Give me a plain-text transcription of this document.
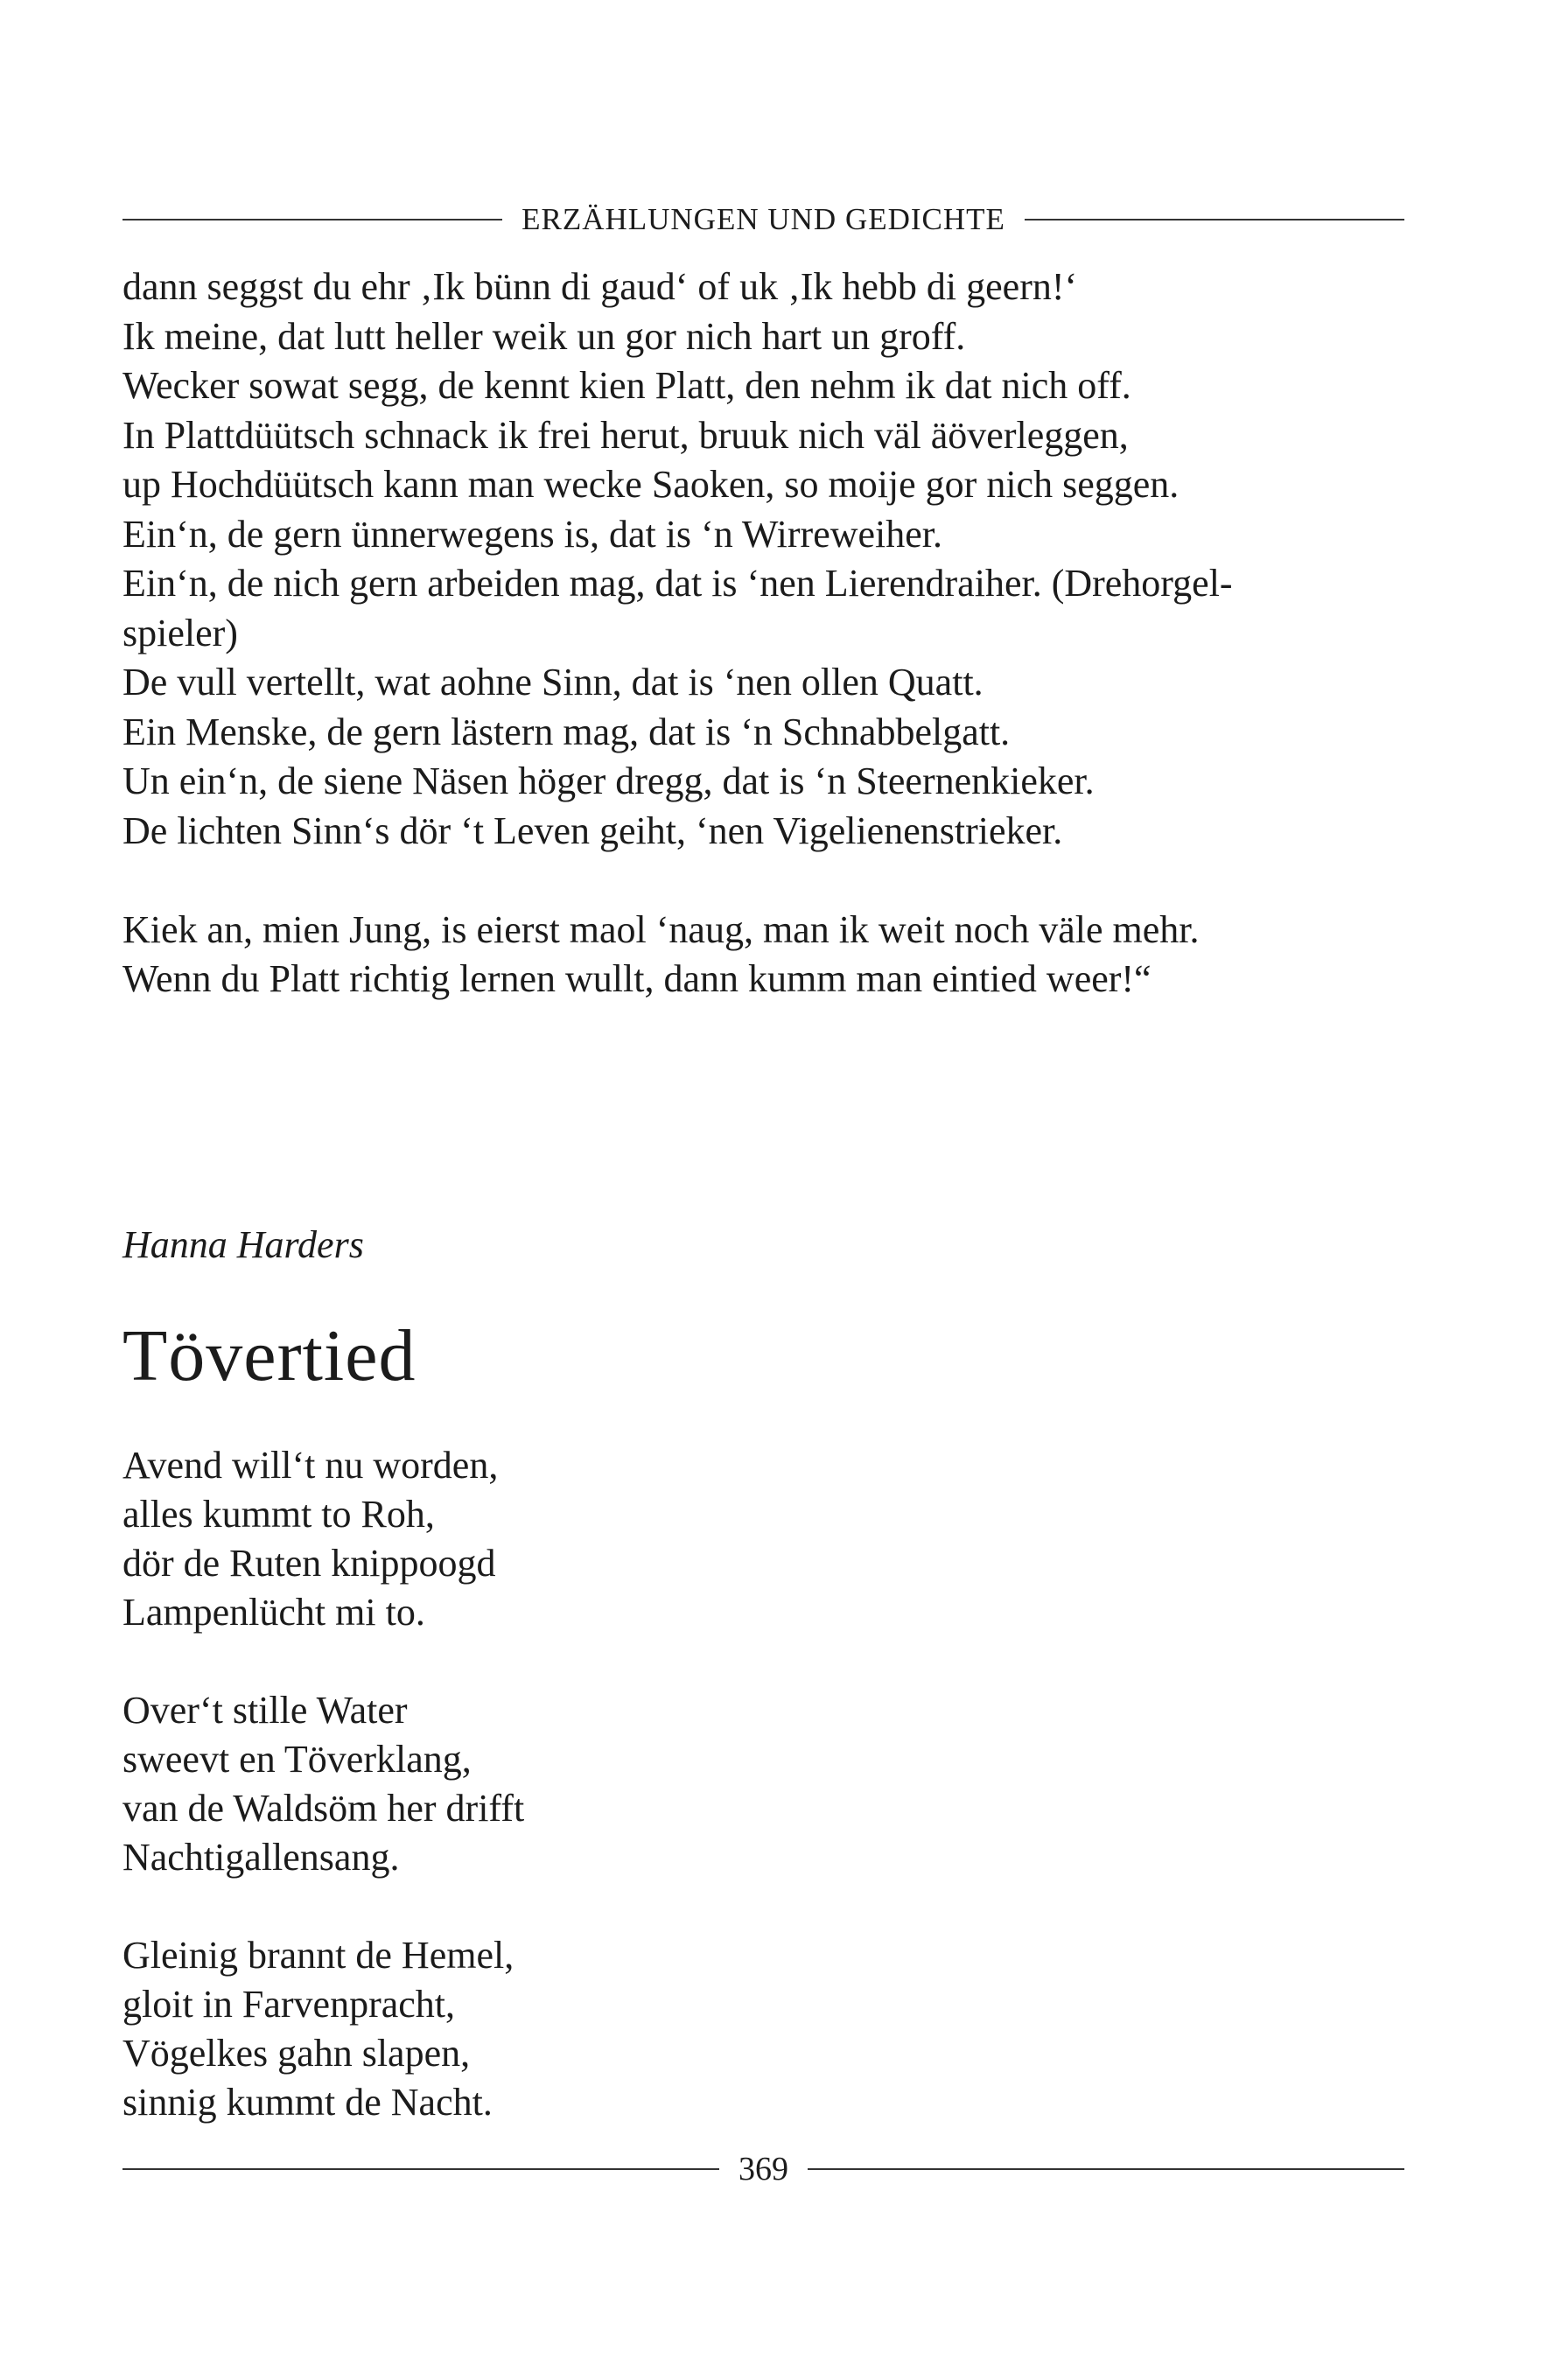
ERZÄHLUNGEN UND GEDICHTE
dann seggst du ehr ‚Ik bünn di gaud‘ of uk ‚Ik hebb di geern!‘
Ik meine, dat lutt heller weik un gor nich hart un groff.
Wecker sowat segg, de kennt kien Platt, den nehm ik dat nich off.
In Plattdüütsch schnack ik frei herut, bruuk nich väl äöverleggen,
up Hochdüütsch kann man wecke Saoken, so moije gor nich seggen.
Ein‘n, de gern ünnerwegens is, dat is ‘n Wirreweiher.
Ein‘n, de nich gern arbeiden mag, dat is ‘nen Lierendraiher. (Drehorgel-
spieler)
De vull vertellt, wat aohne Sinn, dat is ‘nen ollen Quatt.
Ein Menske, de gern lästern mag, dat is ‘n Schnabbelgatt.
Un ein‘n, de siene Näsen höger dregg, dat is ‘n Steernenkieker.
De lichten Sinn‘s dör ‘t Leven geiht, ‘nen Vigelienenstrieker.
Kiek an, mien Jung, is eierst maol ‘naug, man ik weit noch väle mehr.
Wenn du Platt richtig lernen wullt, dann kumm man eintied weer!“
Hanna Harders
Tövertied
Avend will‘t nu worden,
alles kummt to Roh,
dör de Ruten knippoogd
Lampenlücht mi to.
Over‘t stille Water
sweevt en Töverklang,
van de Waldsöm her drifft
Nachtigallensang.
Gleinig brannt de Hemel,
gloit in Farvenpracht,
Vögelkes gahn slapen,
sinnig kummt de Nacht.
369
